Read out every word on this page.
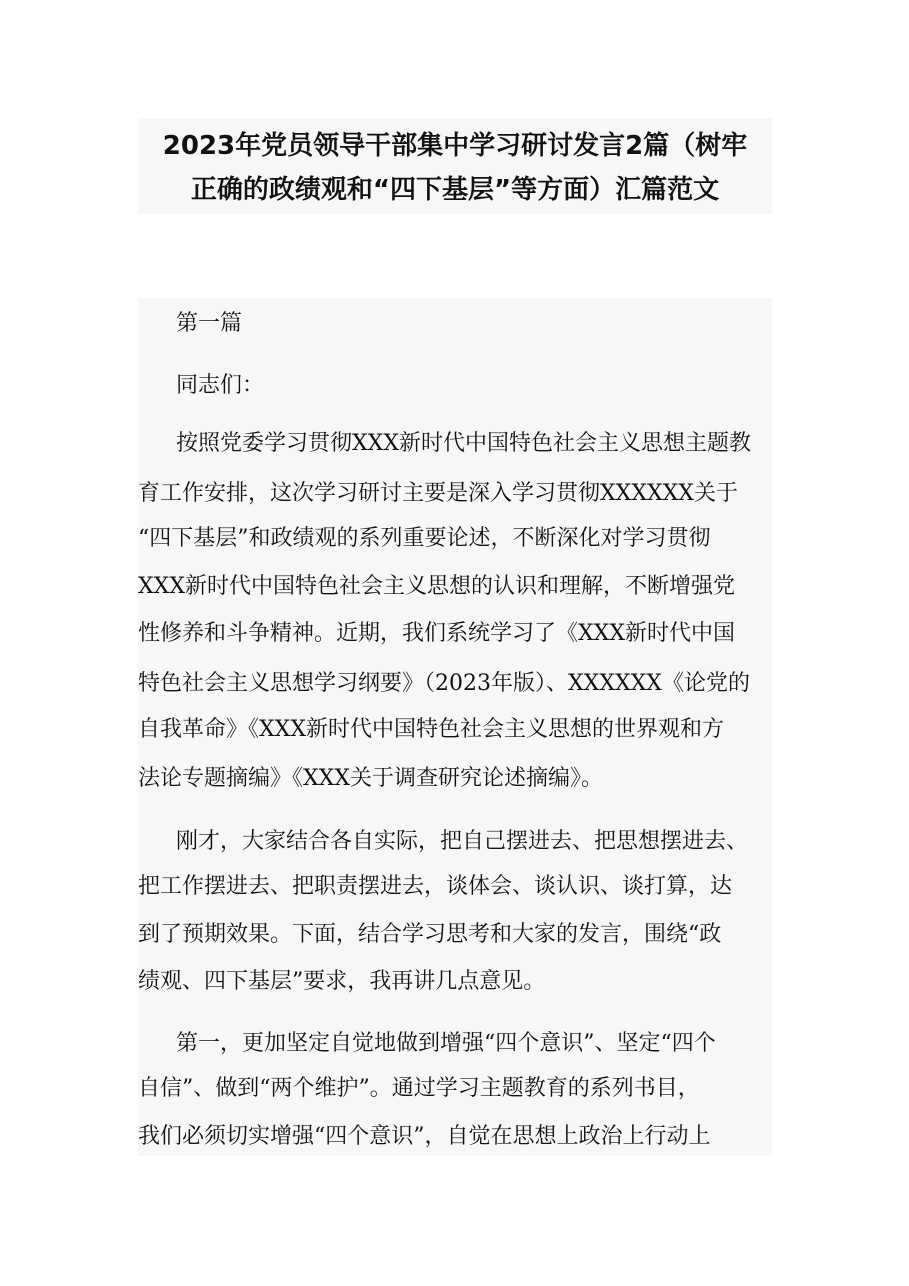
2023年党员领导干部集中学习研讨发言2篇（树牢
正确的政绩观和“四下基层”等方面）汇篇范文
第一篇
同志们：
按照党委学习贯彻XXX新时代中国特色社会主义思想主题教
育工作安排，这次学习研讨主要是深入学习贯彻XXXXXX关于
“四下基层”和政绩观的系列重要论述，不断深化对学习贯彻
XXX新时代中国特色社会主义思想的认识和理解，不断增强党
性修养和斗争精神。近期，我们系统学习了《XXX新时代中国
特色社会主义思想学习纲要》（2023年版）、XXXXXX《论党的
自我革命》《XXX新时代中国特色社会主义思想的世界观和方
法论专题摘编》《XXX关于调查研究论述摘编》。
刚才，大家结合各自实际，把自己摆进去、把思想摆进去、
把工作摆进去、把职责摆进去，谈体会、谈认识、谈打算，达
到了预期效果。下面，结合学习思考和大家的发言，围绕“政
绩观、四下基层”要求，我再讲几点意见。
第一，更加坚定自觉地做到增强“四个意识”、坚定“四个
自信”、做到“两个维护”。通过学习主题教育的系列书目，
我们必须切实增强“四个意识”，自觉在思想上政治上行动上
